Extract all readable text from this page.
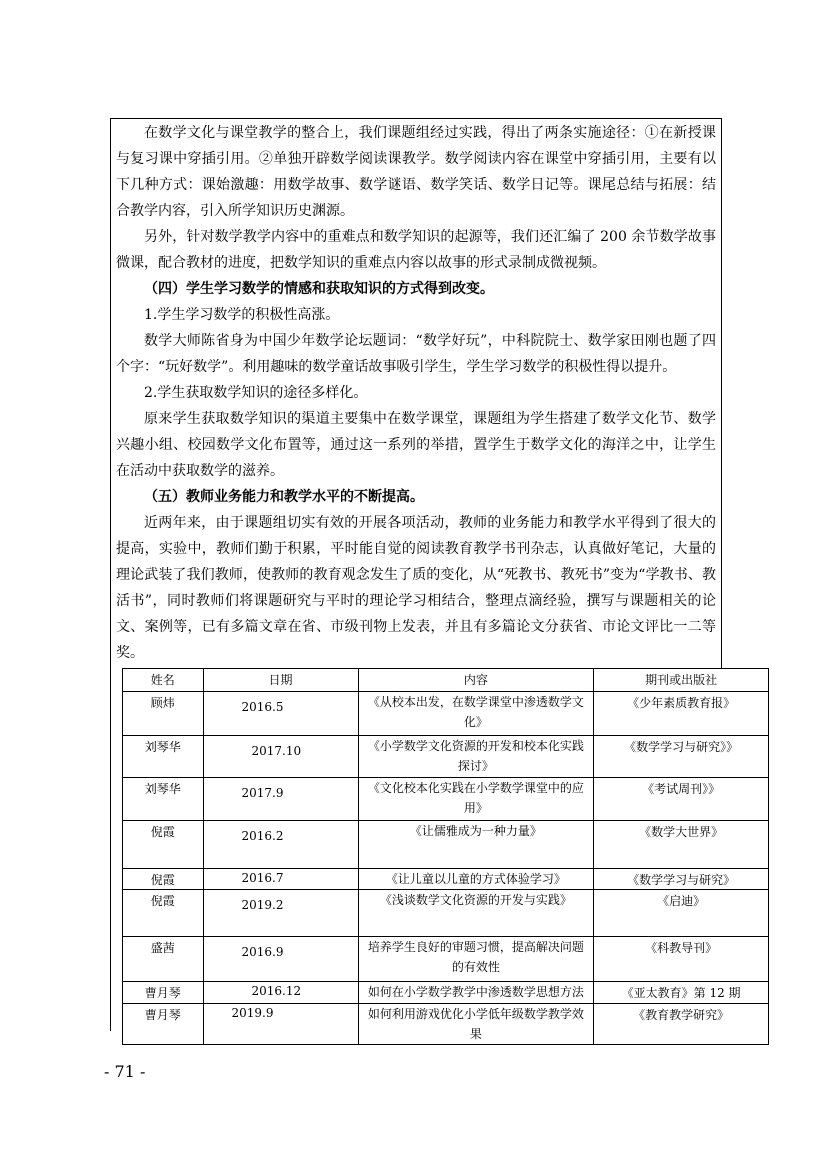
在数学文化与课堂教学的整合上，我们课题组经过实践，得出了两条实施途径：①在新授课与复习课中穿插引用。②单独开辟数学阅读课教学。数学阅读内容在课堂中穿插引用，主要有以下几种方式：课始激趣：用数学故事、数学谜语、数学笑话、数学日记等。课尾总结与拓展：结合教学内容，引入所学知识历史渊源。

另外，针对数学教学内容中的重难点和数学知识的起源等，我们还汇编了 200 余节数学故事微课，配合教材的进度，把数学知识的重难点内容以故事的形式录制成微视频。

（四）学生学习数学的情感和获取知识的方式得到改变。

1.学生学习数学的积极性高涨。

数学大师陈省身为中国少年数学论坛题词：“数学好玩”，中科院院士、数学家田刚也题了四个字：“玩好数学”。利用趣味的数学童话故事吸引学生，学生学习数学的积极性得以提升。

2.学生获取数学知识的途径多样化。

原来学生获取数学知识的渠道主要集中在数学课堂，课题组为学生搭建了数学文化节、数学兴趣小组、校园数学文化布置等，通过这一系列的举措，置学生于数学文化的海洋之中，让学生在活动中获取数学的滋养。

（五）教师业务能力和教学水平的不断提高。

近两年来，由于课题组切实有效的开展各项活动，教师的业务能力和教学水平得到了很大的提高，实验中，教师们勤于积累，平时能自觉的阅读教育教学书刊杂志，认真做好笔记，大量的理论武装了我们教师，使教师的教育观念发生了质的变化，从“死教书、教死书”变为“学教书、教活书”，同时教师们将课题研究与平时的理论学习相结合，整理点滴经验，撰写与课题相关的论文、案例等，已有多篇文章在省、市级刊物上发表，并且有多篇论文分获省、市论文评比一二等奖。

姓名	日期	内容	期刊或出版社
顾炜	2016.5	《从校本出发，在数学课堂中渗透数学文化》	《少年素质教育报》
刘琴华	2017.10	《小学数学文化资源的开发和校本化实践探讨》	《数学学习与研究》》
刘琴华	2017.9	《文化校本化实践在小学数学课堂中的应用》	《考试周刊》》
倪霞	2016.2	《让儒雅成为一种力量》	《数学大世界》
倪霞	2016.7	《让儿童以儿童的方式体验学习》	《数学学习与研究》
倪霞	2019.2	《浅谈数学文化资源的开发与实践》	《启迪》
盛茜	2016.9	培养学生良好的审题习惯，提高解决问题的有效性	《科教导刊》
曹月琴	2016.12	如何在小学数学教学中渗透数学思想方法	《亚太教育》第 12 期
曹月琴	2019.9	如何利用游戏优化小学低年级数学教学效果	《教育教学研究》
- 71 -
